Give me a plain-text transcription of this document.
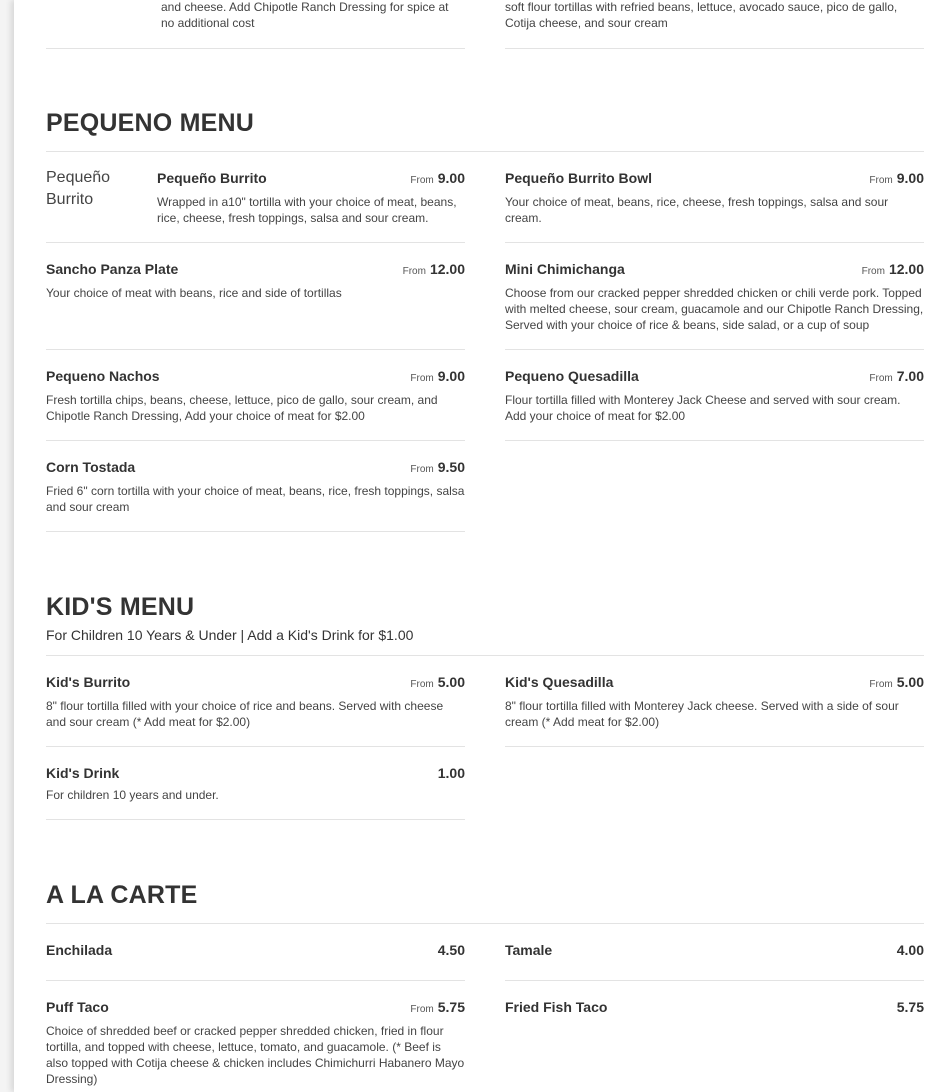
and cheese. Add Chipotle Ranch Dressing for spice at no additional cost
soft flour tortillas with refried beans, lettuce, avocado sauce, pico de gallo, Cotija cheese, and sour cream
PEQUENO MENU
Pequeño Burrito
Pequeño Burrito	From 9.00
Wrapped in a10" tortilla with your choice of meat, beans, rice, cheese, fresh toppings, salsa and sour cream.
Pequeño Burrito Bowl	From 9.00
Your choice of meat, beans, rice, cheese, fresh toppings, salsa and sour cream.
Sancho Panza Plate	From 12.00
Your choice of meat with beans, rice and side of tortillas
Mini Chimichanga	From 12.00
Choose from our cracked pepper shredded chicken or chili verde pork. Topped with melted cheese, sour cream, guacamole and our Chipotle Ranch Dressing, Served with your choice of rice & beans, side salad, or a cup of soup
Pequeno Nachos	From 9.00
Fresh tortilla chips, beans, cheese, lettuce, pico de gallo, sour cream, and Chipotle Ranch Dressing, Add your choice of meat for $2.00
Pequeno Quesadilla	From 7.00
Flour tortilla filled with Monterey Jack Cheese and served with sour cream. Add your choice of meat for $2.00
Corn Tostada	From 9.50
Fried 6" corn tortilla with your choice of meat, beans, rice, fresh toppings, salsa and sour cream
KID'S MENU
For Children 10 Years & Under | Add a Kid's Drink for $1.00
Kid's Burrito	From 5.00
8" flour tortilla filled with your choice of rice and beans. Served with cheese and sour cream (* Add meat for $2.00)
Kid's Quesadilla	From 5.00
8" flour tortilla filled with Monterey Jack cheese. Served with a side of sour cream (* Add meat for $2.00)
Kid's Drink	1.00
For children 10 years and under.
A LA CARTE
Enchilada	4.50	Tamale	4.00
Puff Taco	From 5.75
Choice of shredded beef or cracked pepper shredded chicken, fried in flour tortilla, and topped with cheese, lettuce, tomato, and guacamole. (* Beef is also topped with Cotija cheese & chicken includes Chimichurri Habanero Mayo Dressing)
Fried Fish Taco	5.75
